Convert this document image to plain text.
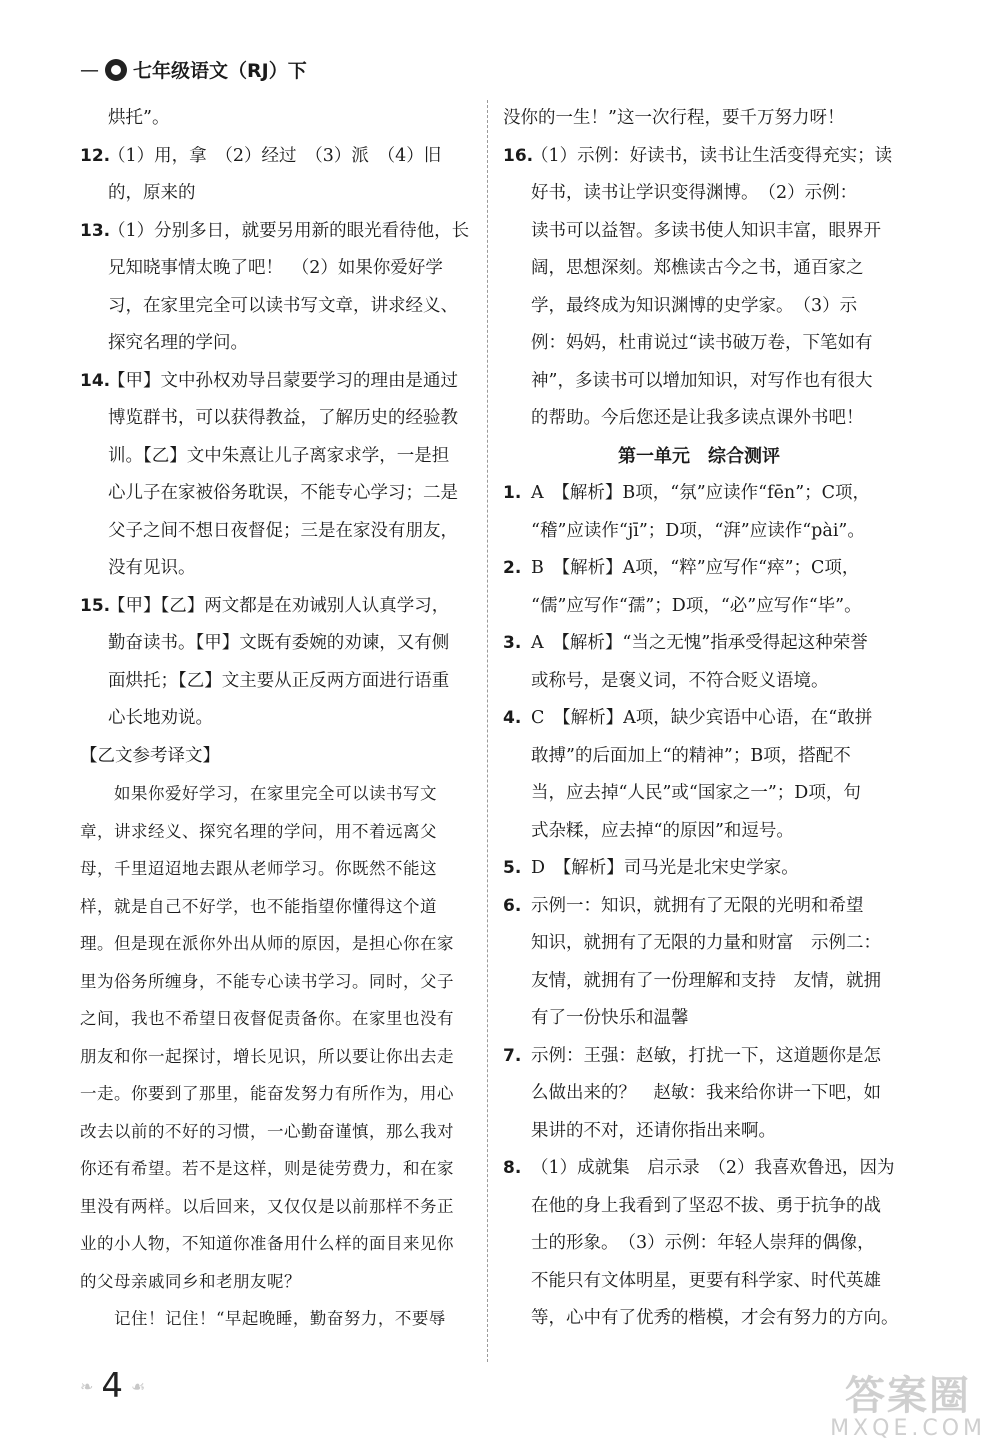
— 七年级语文（RJ）下
烘托”。
12.
（1）用，拿　（2）经过　（3）派　（4）旧
的，原来的
13.
（1）分别多日，就要另用新的眼光看待他，长
兄知晓事情太晚了吧！　（2）如果你爱好学
习，在家里完全可以读书写文章，讲求经义、
探究名理的学问。
14.
【甲】文中孙权劝导吕蒙要学习的理由是通过
博览群书，可以获得教益，了解历史的经验教
训。【乙】文中朱熹让儿子离家求学，一是担
心儿子在家被俗务耽误，不能专心学习；二是
父子之间不想日夜督促；三是在家没有朋友，
没有见识。
15.
【甲】【乙】两文都是在劝诫别人认真学习，
勤奋读书。【甲】文既有委婉的劝谏，又有侧
面烘托；【乙】文主要从正反两方面进行语重
心长地劝说。
【乙文参考译文】
　　如果你爱好学习，在家里完全可以读书写文
章，讲求经义、探究名理的学问，用不着远离父
母，千里迢迢地去跟从老师学习。你既然不能这
样，就是自己不好学，也不能指望你懂得这个道
理。但是现在派你外出从师的原因，是担心你在家
里为俗务所缠身，不能专心读书学习。同时，父子
之间，我也不希望日夜督促责备你。在家里也没有
朋友和你一起探讨，增长见识，所以要让你出去走
一走。你要到了那里，能奋发努力有所作为，用心
改去以前的不好的习惯，一心勤奋谨慎，那么我对
你还有希望。若不是这样，则是徒劳费力，和在家
里没有两样。以后回来，又仅仅是以前那样不务正
业的小人物，不知道你准备用什么样的面目来见你
的父母亲戚同乡和老朋友呢？
　　记住！记住！“早起晚睡，勤奋努力，不要辱
没你的一生！”这一次行程，要千万努力呀！
16.
（1）示例：好读书，读书让生活变得充实；读
好书，读书让学识变得渊博。　（2）示例：
读书可以益智。多读书使人知识丰富，眼界开
阔，思想深刻。郑樵读古今之书，通百家之
学，最终成为知识渊博的史学家。　（3）示
例：妈妈，杜甫说过“读书破万卷，下笔如有
神”，多读书可以增加知识，对写作也有很大
的帮助。今后您还是让我多读点课外书吧！
第一单元　综合测评
1. A　【解析】B项，“氛”应读作“fēn”；C项，
“稽”应读作“jī”；D项，“湃”应读作“pài”。
2. B　【解析】A项，“粹”应写作“瘁”；C项，
“儒”应写作“孺”；D项，“必”应写作“毕”。
3. A　【解析】“当之无愧”指承受得起这种荣誉
或称号，是褒义词，不符合贬义语境。
4. C　【解析】A项，缺少宾语中心语，在“敢拼
敢搏”的后面加上“的精神”；B项，搭配不
当，应去掉“人民”或“国家之一”；D项，句
式杂糅，应去掉“的原因”和逗号。
5. D　【解析】司马光是北宋史学家。
6. 示例一：知识，就拥有了无限的光明和希望
知识，就拥有了无限的力量和财富　示例二：
友情，就拥有了一份理解和支持　友情，就拥
有了一份快乐和温馨
7. 示例：王强：赵敏，打扰一下，这道题你是怎
么做出来的？　赵敏：我来给你讲一下吧，如
果讲的不对，还请你指出来啊。
8. （1）成就集　启示录　（2）我喜欢鲁迅，因为
在他的身上我看到了坚忍不拔、勇于抗争的战
士的形象。　（3）示例：年轻人崇拜的偶像，
不能只有文体明星，更要有科学家、时代英雄
等，心中有了优秀的楷模，才会有努力的方向。
❧ 4 ☙	答案圈
MXQE.COM
